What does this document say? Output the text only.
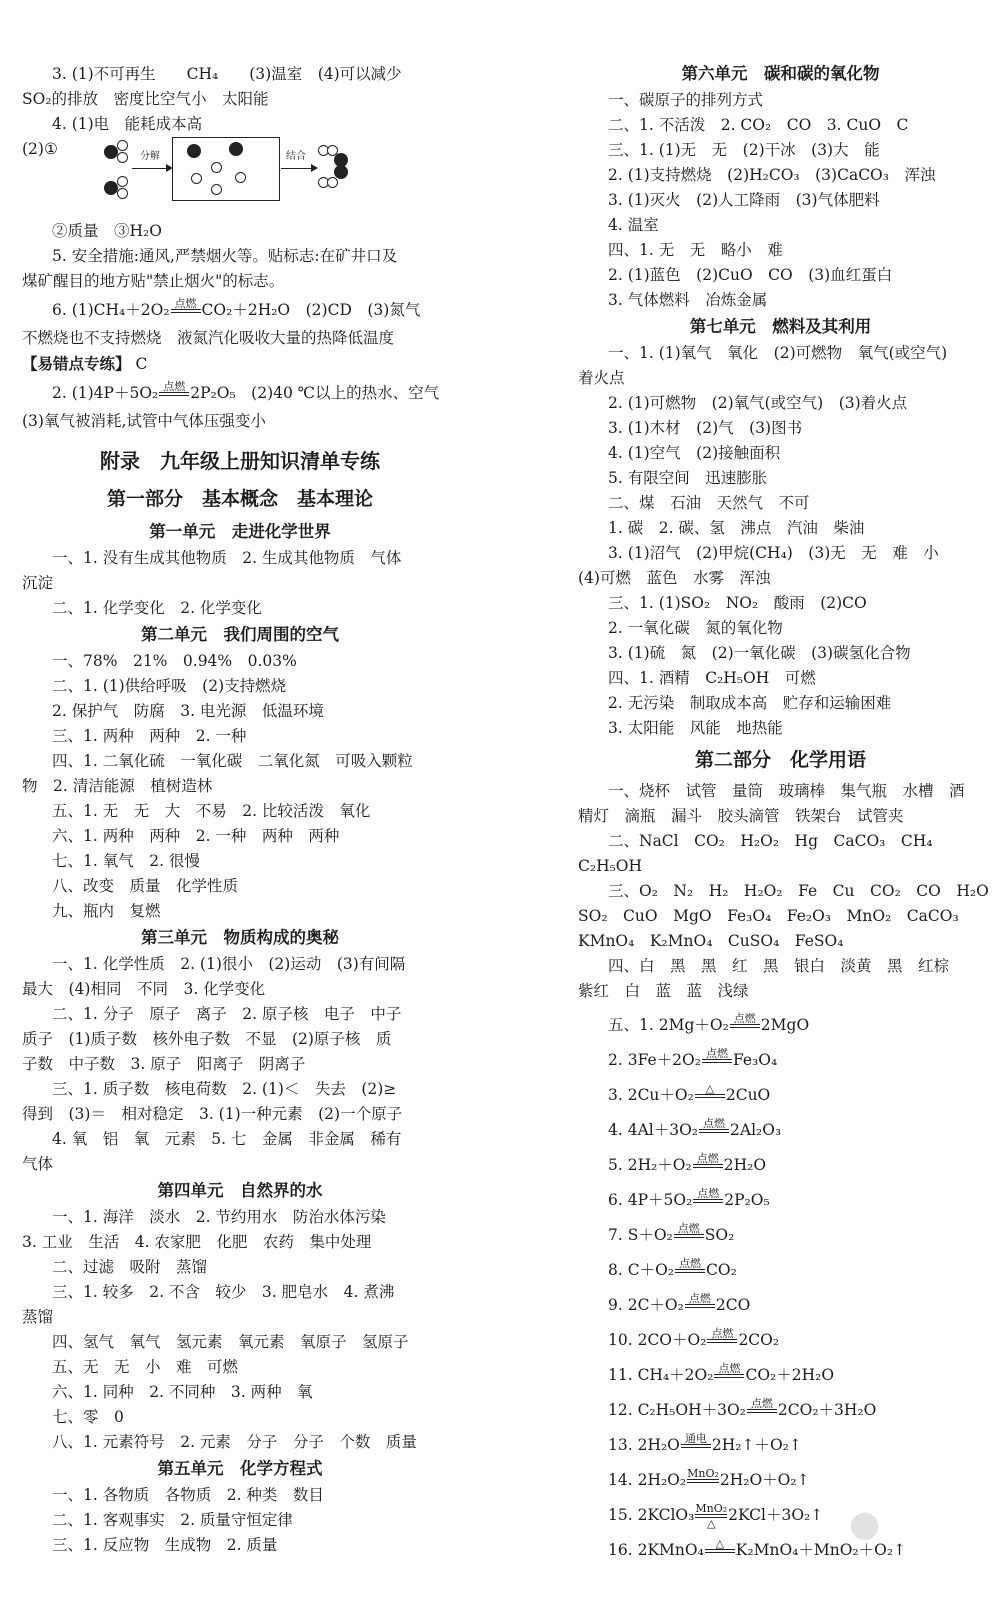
3. (1)不可再生　　CH₄　　(3)温室　(4)可以减少
SO₂的排放　密度比空气小　太阳能
4. (1)电　能耗成本高
(2)①	分解	结合
②质量　③H₂O
5. 安全措施:通风,严禁烟火等。贴标志:在矿井口及
煤矿醒目的地方贴"禁止烟火"的标志。
6. (1)CH₄＋2O₂ 点燃 CO₂＋2H₂O　(2)CD　(3)氮气
不燃烧也不支持燃烧　液氮汽化吸收大量的热降低温度
【易错点专练】 C
2. (1)4P＋5O₂ 点燃 2P₂O₅　(2)40 ℃以上的热水、空气
(3)氧气被消耗,试管中气体压强变小
附录　九年级上册知识清单专练
第一部分　基本概念　基本理论
第一单元　走进化学世界
一、1. 没有生成其他物质　2. 生成其他物质　气体
沉淀
二、1. 化学变化　2. 化学变化
第二单元　我们周围的空气
一、78%　21%　0.94%　0.03%
二、1. (1)供给呼吸　(2)支持燃烧
2. 保护气　防腐　3. 电光源　低温环境
三、1. 两种　两种　2. 一种
四、1. 二氧化硫　一氧化碳　二氧化氮　可吸入颗粒
物　2. 清洁能源　植树造林
五、1. 无　无　大　不易　2. 比较活泼　氧化
六、1. 两种　两种　2. 一种　两种　两种
七、1. 氧气　2. 很慢
八、改变　质量　化学性质
九、瓶内　复燃
第三单元　物质构成的奥秘
一、1. 化学性质　2. (1)很小　(2)运动　(3)有间隔
最大　(4)相同　不同　3. 化学变化
二、1. 分子　原子　离子　2. 原子核　电子　中子
质子　(1)质子数　核外电子数　不显　(2)原子核　质
子数　中子数　3. 原子　阳离子　阴离子
三、1. 质子数　核电荷数　2. (1)＜　失去　(2)≥
得到　(3)＝　相对稳定　3. (1)一种元素　(2)一个原子
4. 氧　铝　氧　元素　5. 七　金属　非金属　稀有
气体
第四单元　自然界的水
一、1. 海洋　淡水　2. 节约用水　防治水体污染
3. 工业　生活　4. 农家肥　化肥　农药　集中处理
二、过滤　吸附　蒸馏
三、1. 较多　2. 不含　较少　3. 肥皂水　4. 煮沸
蒸馏
四、氢气　氧气　氢元素　氧元素　氧原子　氢原子
五、无　无　小　难　可燃
六、1. 同种　2. 不同种　3. 两种　氧
七、零　0
八、1. 元素符号　2. 元素　分子　分子　个数　质量
第五单元　化学方程式
一、1. 各物质　各物质　2. 种类　数目
二、1. 客观事实　2. 质量守恒定律
三、1. 反应物　生成物　2. 质量
第六单元　碳和碳的氧化物
一、碳原子的排列方式
二、1. 不活泼　2. CO₂　CO　3. CuO　C
三、1. (1)无　无　(2)干冰　(3)大　能
2. (1)支持燃烧　(2)H₂CO₃　(3)CaCO₃　浑浊
3. (1)灭火　(2)人工降雨　(3)气体肥料
4. 温室
四、1. 无　无　略小　难
2. (1)蓝色　(2)CuO　CO　(3)血红蛋白
3. 气体燃料　冶炼金属
第七单元　燃料及其利用
一、1. (1)氧气　氧化　(2)可燃物　氧气(或空气)
着火点
2. (1)可燃物　(2)氧气(或空气)　(3)着火点
3. (1)木材　(2)气　(3)图书
4. (1)空气　(2)接触面积
5. 有限空间　迅速膨胀
二、煤　石油　天然气　不可
1. 碳　2. 碳、氢　沸点　汽油　柴油
3. (1)沼气　(2)甲烷(CH₄)　(3)无　无　难　小
(4)可燃　蓝色　水雾　浑浊
三、1. (1)SO₂　NO₂　酸雨　(2)CO
2. 一氧化碳　氮的氧化物
3. (1)硫　氮　(2)一氧化碳　(3)碳氢化合物
四、1. 酒精　C₂H₅OH　可燃
2. 无污染　制取成本高　贮存和运输困难
3. 太阳能　风能　地热能
第二部分　化学用语
一、烧杯　试管　量筒　玻璃棒　集气瓶　水槽　酒
精灯　滴瓶　漏斗　胶头滴管　铁架台　试管夹
二、NaCl　CO₂　H₂O₂　Hg　CaCO₃　CH₄
C₂H₅OH
三、O₂　N₂　H₂　H₂O₂　Fe　Cu　CO₂　CO　H₂O
SO₂　CuO　MgO　Fe₃O₄　Fe₂O₃　MnO₂　CaCO₃
KMnO₄　K₂MnO₄　CuSO₄　FeSO₄
四、白　黑　黑　红　黑　银白　淡黄　黑　红棕
紫红　白　蓝　蓝　浅绿
五、1. 2Mg＋O₂ 点燃 2MgO
2. 3Fe＋2O₂ 点燃 Fe₃O₄
3. 2Cu＋O₂	△ 2CuO
4. 4Al＋3O₂ 点燃 2Al₂O₃
5. 2H₂＋O₂ 点燃 2H₂O
6. 4P＋5O₂ 点燃 2P₂O₅
7. S＋O₂ 点燃 SO₂
8. C＋O₂ 点燃 CO₂
9. 2C＋O₂ 点燃 2CO
10. 2CO＋O₂ 点燃 2CO₂
11. CH₄＋2O₂ 点燃 CO₂＋2H₂O
12. C₂H₅OH＋3O₂ 点燃 2CO₂＋3H₂O
13. 2H₂O 通电 2H₂↑＋O₂↑
14. 2H₂O₂ MnO₂ 2H₂O＋O₂↑
15. 2KClO₃ MnO₂
△ 2KCl＋3O₂↑
16. 2KMnO₄	△ K₂MnO₄＋MnO₂＋O₂↑
⬤
